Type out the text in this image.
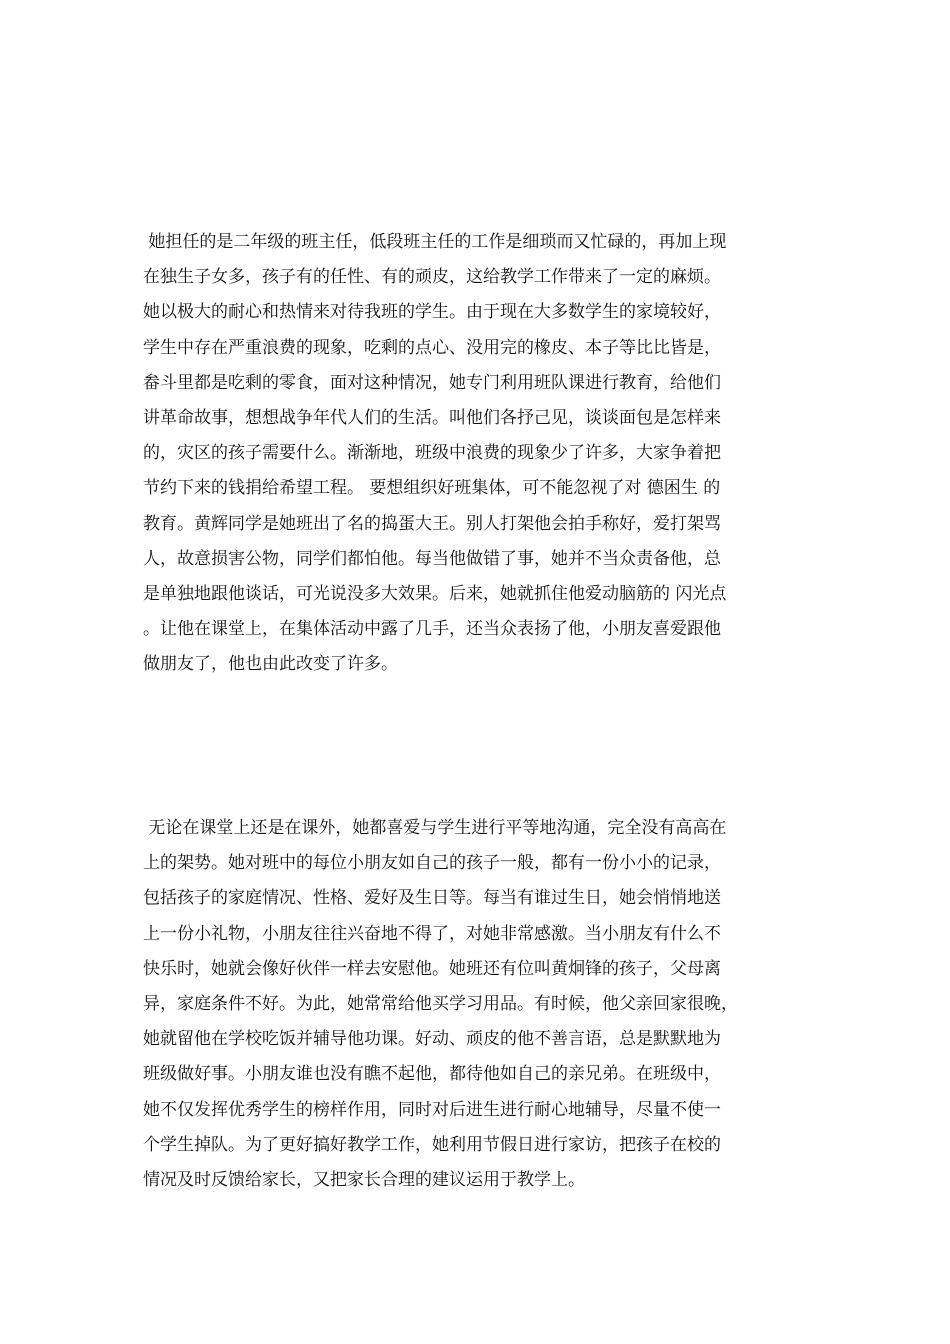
她担任的是二年级的班主任，低段班主任的工作是细琐而又忙碌的，再加上现
在独生子女多，孩子有的任性、有的顽皮，这给教学工作带来了一定的麻烦。
她以极大的耐心和热情来对待我班的学生。由于现在大多数学生的家境较好，
学生中存在严重浪费的现象，吃剩的点心、没用完的橡皮、本子等比比皆是，
畚斗里都是吃剩的零食，面对这种情况，她专门利用班队课进行教育，给他们
讲革命故事，想想战争年代人们的生活。叫他们各抒己见，谈谈面包是怎样来
的，灾区的孩子需要什么。渐渐地，班级中浪费的现象少了许多，大家争着把
节约下来的钱捐给希望工程。 要想组织好班集体，可不能忽视了对 德困生 的
教育。黄辉同学是她班出了名的捣蛋大王。别人打架他会拍手称好，爱打架骂
人，故意损害公物，同学们都怕他。每当他做错了事，她并不当众责备他，总
是单独地跟他谈话，可光说没多大效果。后来，她就抓住他爱动脑筋的 闪光点
。让他在课堂上，在集体活动中露了几手，还当众表扬了他，小朋友喜爱跟他
做朋友了，他也由此改变了许多。
无论在课堂上还是在课外，她都喜爱与学生进行平等地沟通，完全没有高高在
上的架势。她对班中的每位小朋友如自己的孩子一般，都有一份小小的记录，
包括孩子的家庭情况、性格、爱好及生日等。每当有谁过生日，她会悄悄地送
上一份小礼物，小朋友往往兴奋地不得了，对她非常感激。当小朋友有什么不
快乐时，她就会像好伙伴一样去安慰他。她班还有位叫黄炯锋的孩子，父母离
异，家庭条件不好。为此，她常常给他买学习用品。有时候，他父亲回家很晚，
她就留他在学校吃饭并辅导他功课。好动、顽皮的他不善言语，总是默默地为
班级做好事。小朋友谁也没有瞧不起他，都待他如自己的亲兄弟。在班级中，
她不仅发挥优秀学生的榜样作用，同时对后进生进行耐心地辅导，尽量不使一
个学生掉队。为了更好搞好教学工作，她利用节假日进行家访，把孩子在校的
情况及时反馈给家长，又把家长合理的建议运用于教学上。
